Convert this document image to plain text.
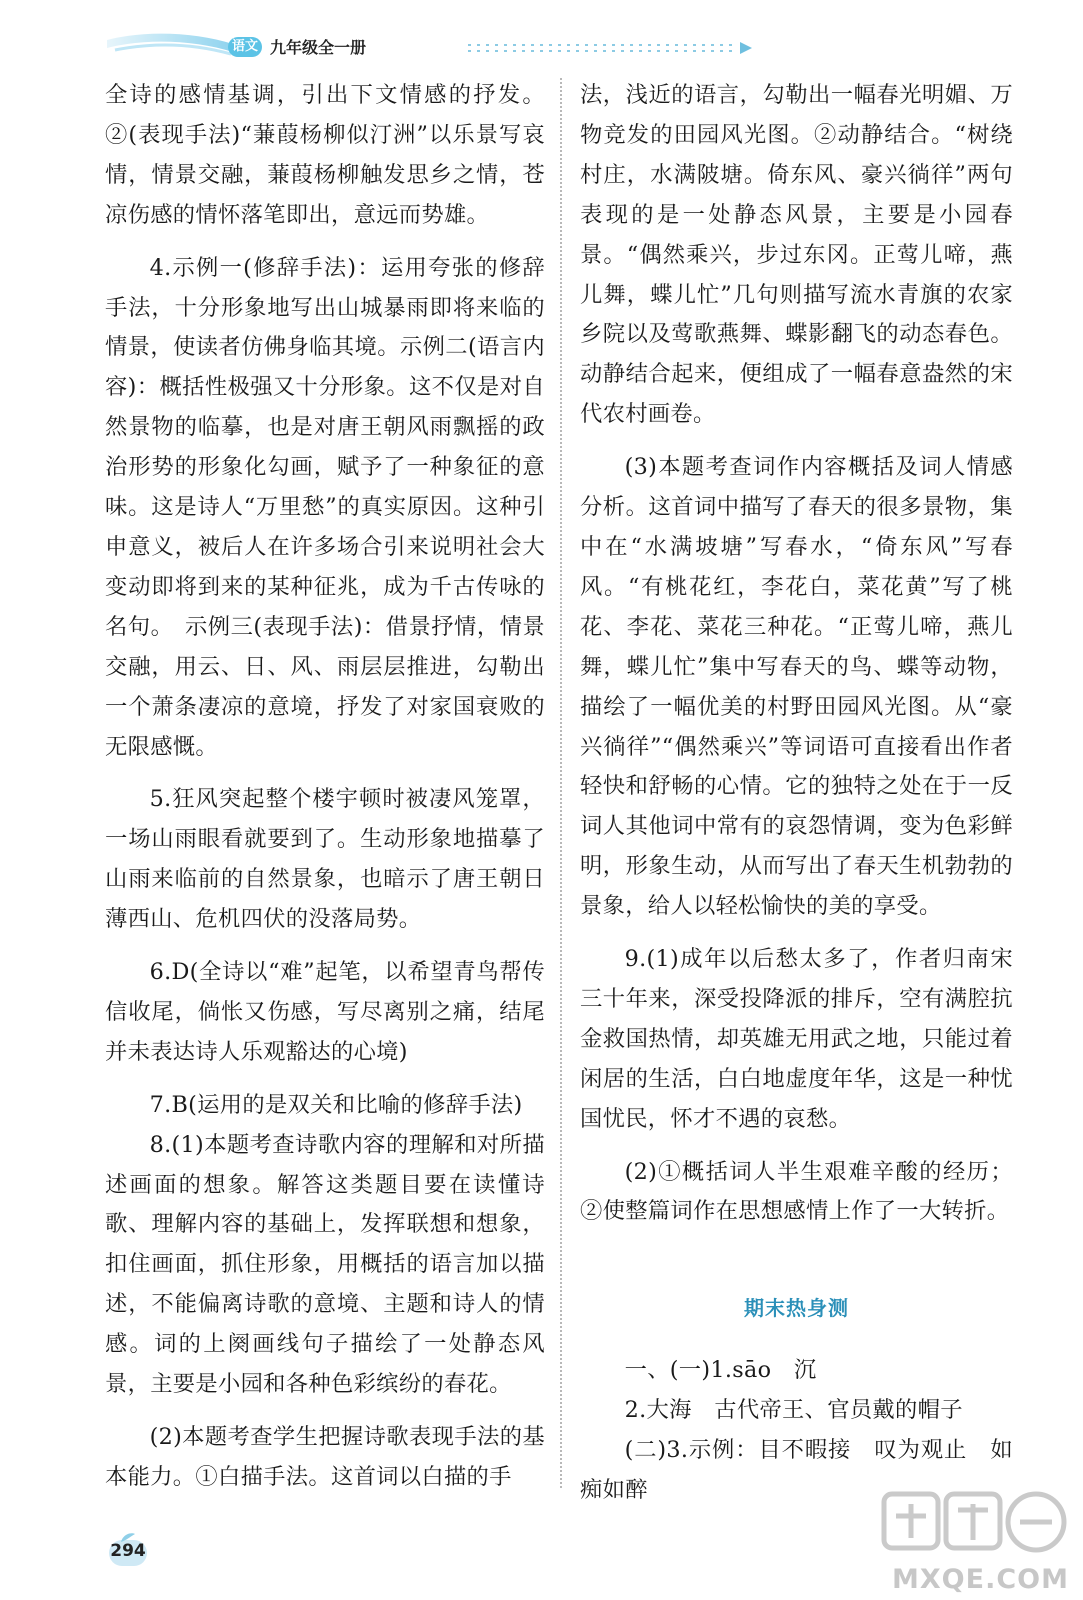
语文 九年级全一册

全诗的感情基调，引出下文情感的抒发。②(表现手法)“蒹葭杨柳似汀洲”以乐景写哀情，情景交融，蒹葭杨柳触发思乡之情，苍凉伤感的情怀落笔即出，意远而势雄。

4.示例一(修辞手法)：运用夸张的修辞手法，十分形象地写出山城暴雨即将来临的情景，使读者仿佛身临其境。示例二(语言内容)：概括性极强又十分形象。这不仅是对自然景物的临摹，也是对唐王朝风雨飘摇的政治形势的形象化勾画，赋予了一种象征的意味。这是诗人“万里愁”的真实原因。这种引申意义，被后人在许多场合引来说明社会大变动即将到来的某种征兆，成为千古传咏的名句。　示例三(表现手法)：借景抒情，情景交融，用云、日、风、雨层层推进，勾勒出一个萧条凄凉的意境，抒发了对家国衰败的无限感慨。

5.狂风突起整个楼宇顿时被凄风笼罩，一场山雨眼看就要到了。生动形象地描摹了山雨来临前的自然景象，也暗示了唐王朝日薄西山、危机四伏的没落局势。

6.D(全诗以“难”起笔，以希望青鸟帮传信收尾，倘怅又伤感，写尽离别之痛，结尾并未表达诗人乐观豁达的心境)

7.B(运用的是双关和比喻的修辞手法)

8.(1)本题考查诗歌内容的理解和对所描述画面的想象。解答这类题目要在读懂诗歌、理解内容的基础上，发挥联想和想象，扣住画面，抓住形象，用概括的语言加以描述，不能偏离诗歌的意境、主题和诗人的情感。词的上阕画线句子描绘了一处静态风景，主要是小园和各种色彩缤纷的春花。

(2)本题考查学生把握诗歌表现手法的基本能力。①白描手法。这首词以白描的手

法，浅近的语言，勾勒出一幅春光明媚、万物竞发的田园风光图。②动静结合。“树绕村庄，水满陂塘。倚东风、豪兴徜徉”两句表现的是一处静态风景，主要是小园春景。“偶然乘兴，步过东冈。正莺儿啼，燕儿舞，蝶儿忙”几句则描写流水青旗的农家乡院以及莺歌燕舞、蝶影翻飞的动态春色。动静结合起来，便组成了一幅春意盎然的宋代农村画卷。

(3)本题考查词作内容概括及词人情感分析。这首词中描写了春天的很多景物，集中在“水满坡塘”写春水，“倚东风”写春风。“有桃花红，李花白，菜花黄”写了桃花、李花、菜花三种花。“正莺儿啼，燕儿舞，蝶儿忙”集中写春天的鸟、蝶等动物，描绘了一幅优美的村野田园风光图。从“豪兴徜徉”“偶然乘兴”等词语可直接看出作者轻快和舒畅的心情。它的独特之处在于一反词人其他词中常有的哀怨情调，变为色彩鲜明，形象生动，从而写出了春天生机勃勃的景象，给人以轻松愉快的美的享受。

9.(1)成年以后愁太多了，作者归南宋三十年来，深受投降派的排斥，空有满腔抗金救国热情，却英雄无用武之地，只能过着闲居的生活，白白地虚度年华，这是一种忧国忧民，怀才不遇的哀愁。

(2)①概括词人半生艰难辛酸的经历；②使整篇词作在思想感情上作了一大转折。

期末热身测

一、(一)1.sāo　沉

2.大海　古代帝王、官员戴的帽子

(二)3.示例：目不暇接　叹为观止　如痴如醉

294
MXQE.COM
